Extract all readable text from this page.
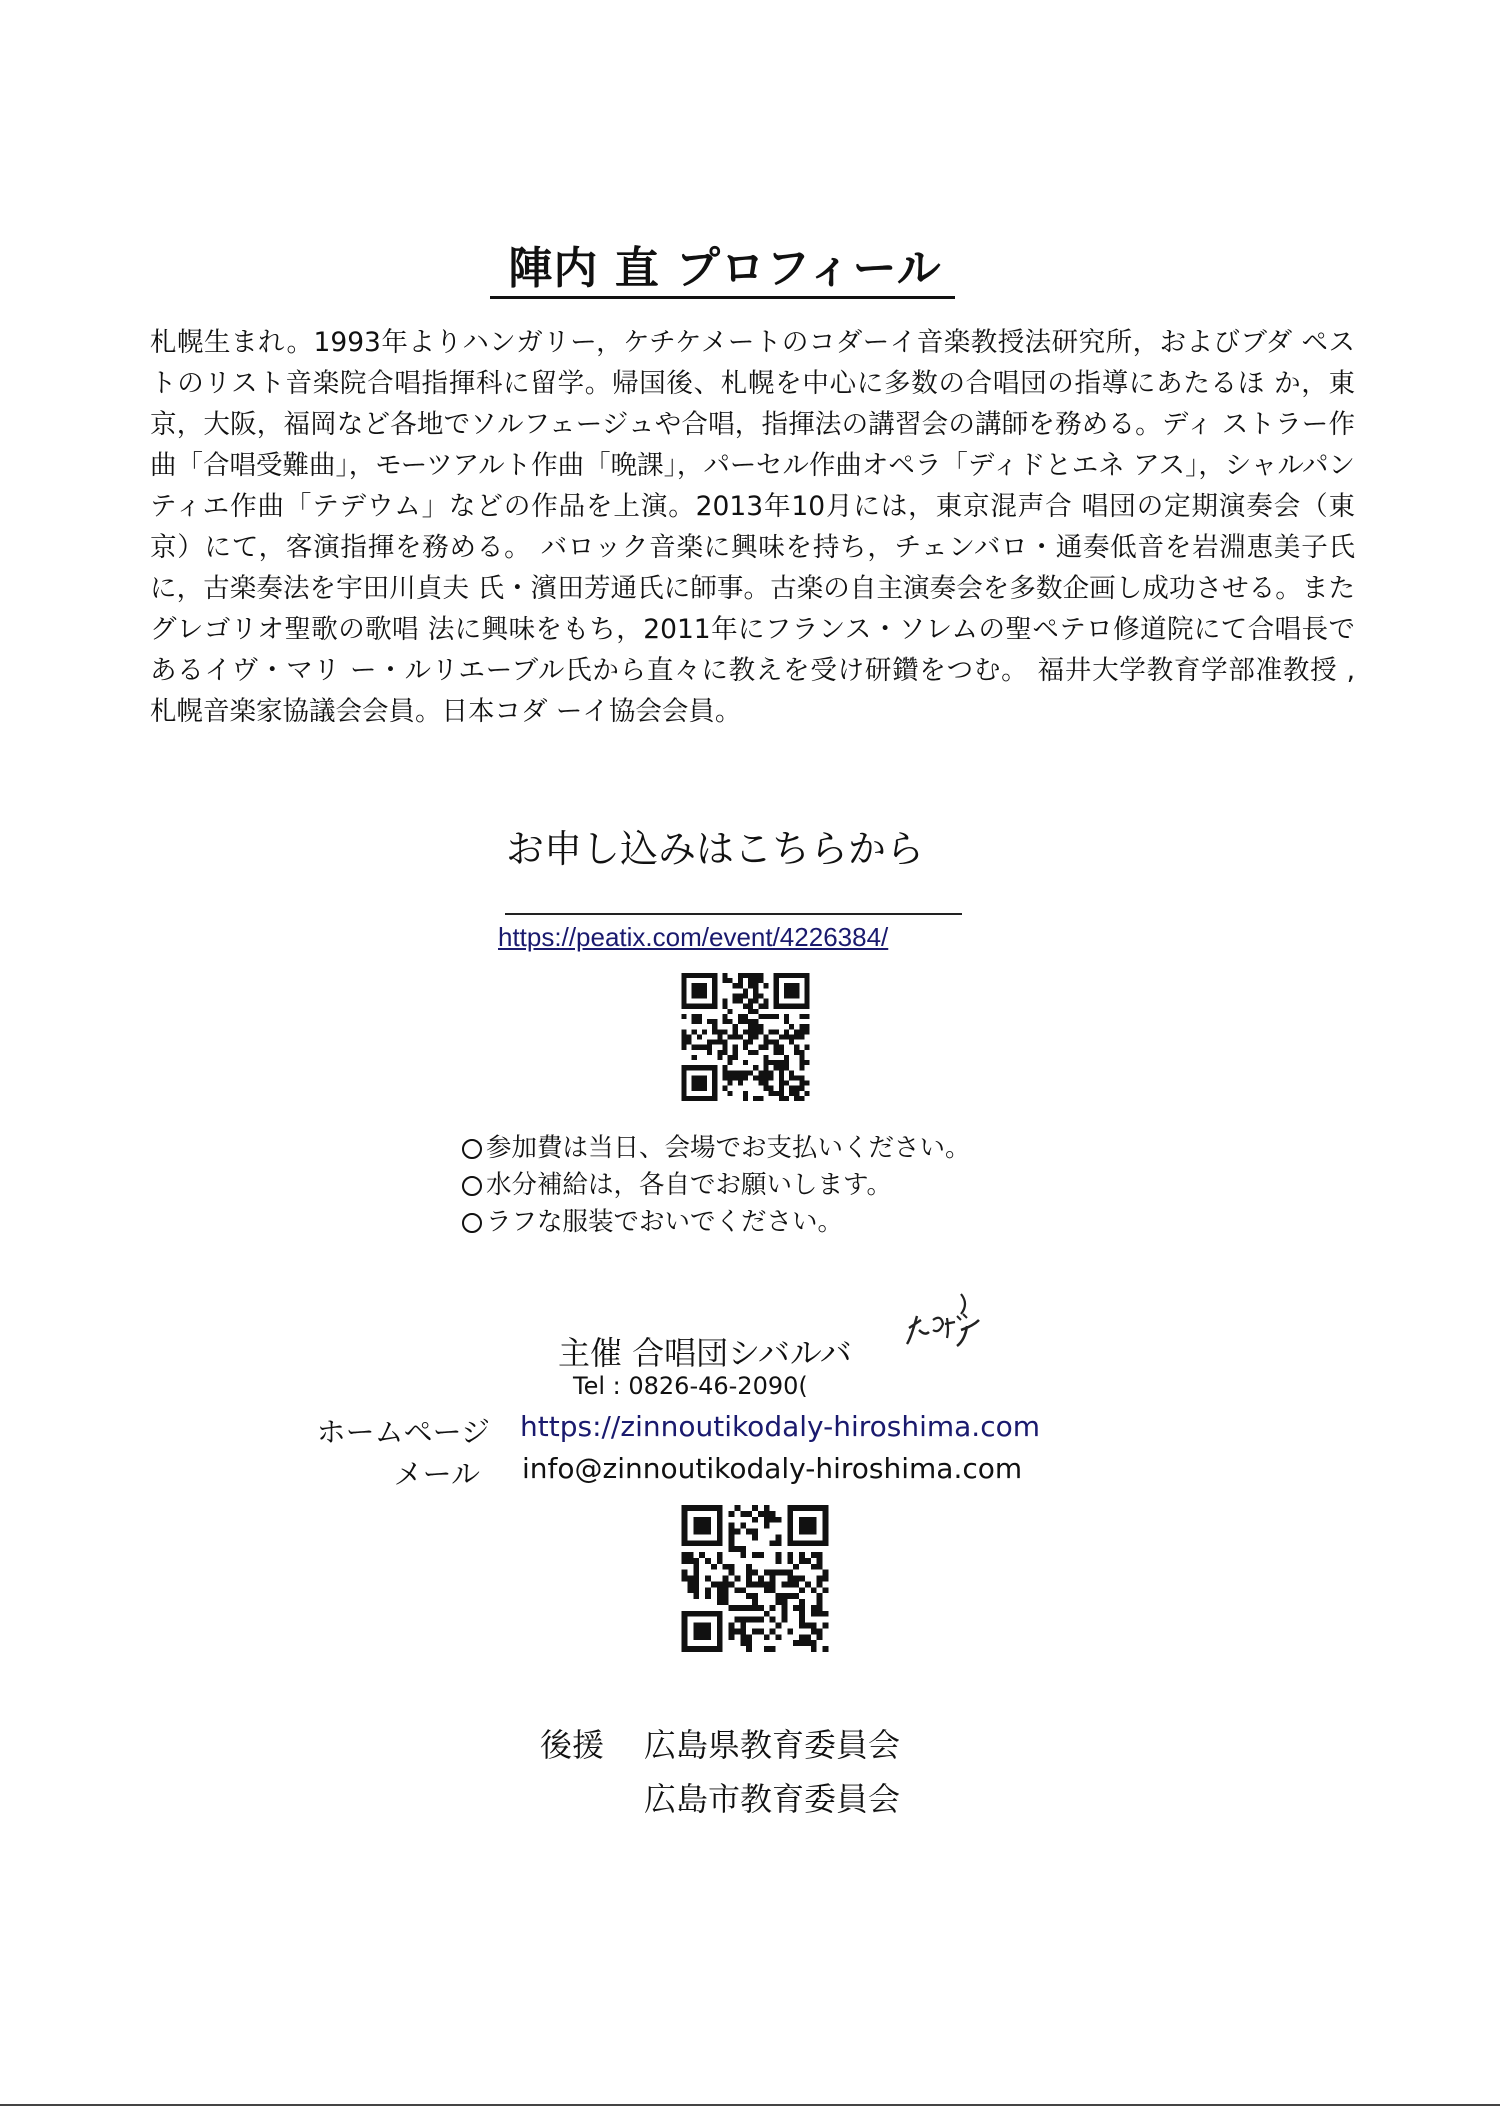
陣内 直 プロフィール
札幌生まれ。1993年よりハンガリー，ケチケメートのコダーイ音楽教授法研究所，およびブダ ペストのリスト音楽院合唱指揮科に留学。帰国後、札幌を中心に多数の合唱団の指導にあたるほ か，東京，大阪，福岡など各地でソルフェージュや合唱，指揮法の講習会の講師を務める。ディ ストラー作曲「合唱受難曲」，モーツアルト作曲「晩課」，パーセル作曲オペラ「ディドとエネ アス」，シャルパンティエ作曲「テデウム」などの作品を上演。2013年10月には，東京混声合 唱団の定期演奏会（東京）にて，客演指揮を務める。 バロック音楽に興味を持ち，チェンバロ・通奏低音を岩淵恵美子氏に，古楽奏法を宇田川貞夫 氏・濱田芳通氏に師事。古楽の自主演奏会を多数企画し成功させる。またグレゴリオ聖歌の歌唱 法に興味をもち，2011年にフランス・ソレムの聖ペテロ修道院にて合唱長であるイヴ・マリ ー・ルリエーブル氏から直々に教えを受け研鑽をつむ。 福井大学教育学部准教授 , 札幌音楽家協議会会員。日本コダ ーイ協会会員。
お申し込みはこちらから
https://peatix.com/event/4226384/
参加費は当日、会場でお支払いください。
水分補給は，各自でお願いします。
ラフな服装でおいでください。
主催 合唱団シバルバ
Tel : 0826-46-2090(
ホームページ https://zinnoutikodaly-hiroshima.com
メール info@zinnoutikodaly-hiroshima.com
後援 広島県教育委員会
広島市教育委員会
